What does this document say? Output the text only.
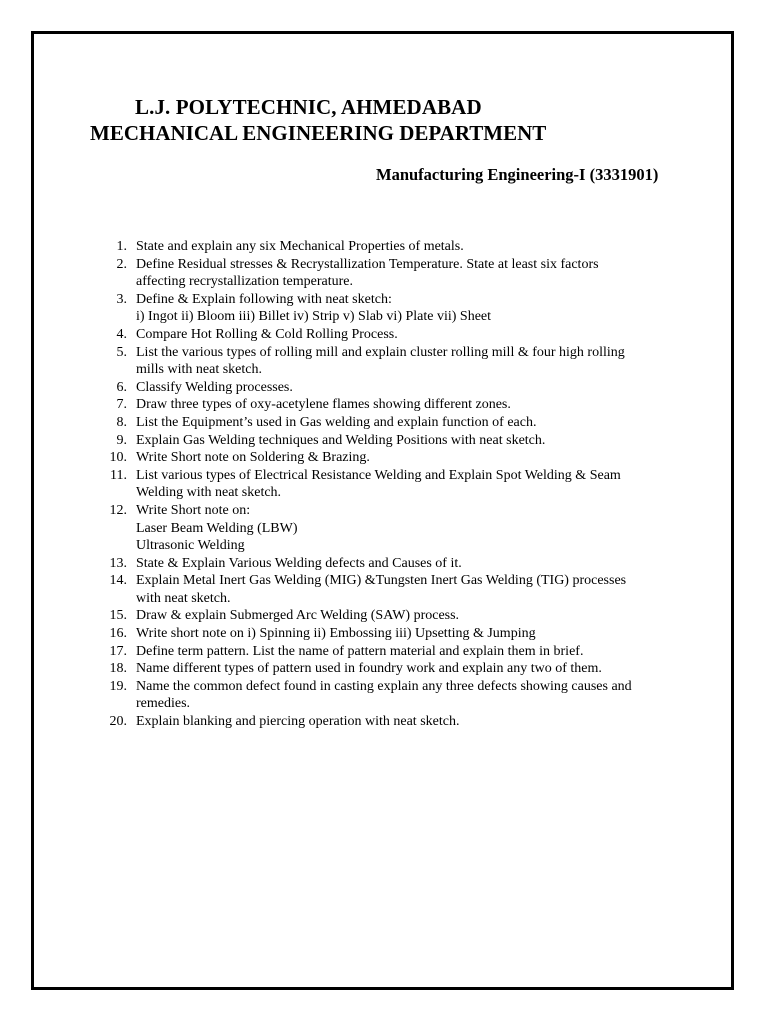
L.J. POLYTECHNIC, AHMEDABAD
MECHANICAL ENGINEERING DEPARTMENT
Manufacturing Engineering-I (3331901)
1. State and explain any six Mechanical Properties of metals.
2. Define Residual stresses & Recrystallization Temperature. State at least six factors
affecting recrystallization temperature.
3. Define & Explain following with neat sketch:
i) Ingot ii) Bloom iii) Billet iv) Strip v) Slab vi) Plate vii) Sheet
4. Compare Hot Rolling & Cold Rolling Process.
5. List the various types of rolling mill and explain cluster rolling mill & four high rolling
mills with neat sketch.
6. Classify Welding processes.
7. Draw three types of oxy-acetylene flames showing different zones.
8. List the Equipment’s used in Gas welding and explain function of each.
9. Explain Gas Welding techniques and Welding Positions with neat sketch.
10. Write Short note on Soldering & Brazing.
11. List various types of Electrical Resistance Welding and Explain Spot Welding & Seam
Welding with neat sketch.
12. Write Short note on:
Laser Beam Welding (LBW)
Ultrasonic Welding
13. State & Explain Various Welding defects and Causes of it.
14. Explain Metal Inert Gas Welding (MIG) &Tungsten Inert Gas Welding (TIG) processes
with neat sketch.
15. Draw & explain Submerged Arc Welding (SAW) process.
16. Write short note on i) Spinning ii) Embossing iii) Upsetting & Jumping
17. Define term pattern. List the name of pattern material and explain them in brief.
18. Name different types of pattern used in foundry work and explain any two of them.
19. Name the common defect found in casting explain any three defects showing causes and
remedies.
20. Explain blanking and piercing operation with neat sketch.
